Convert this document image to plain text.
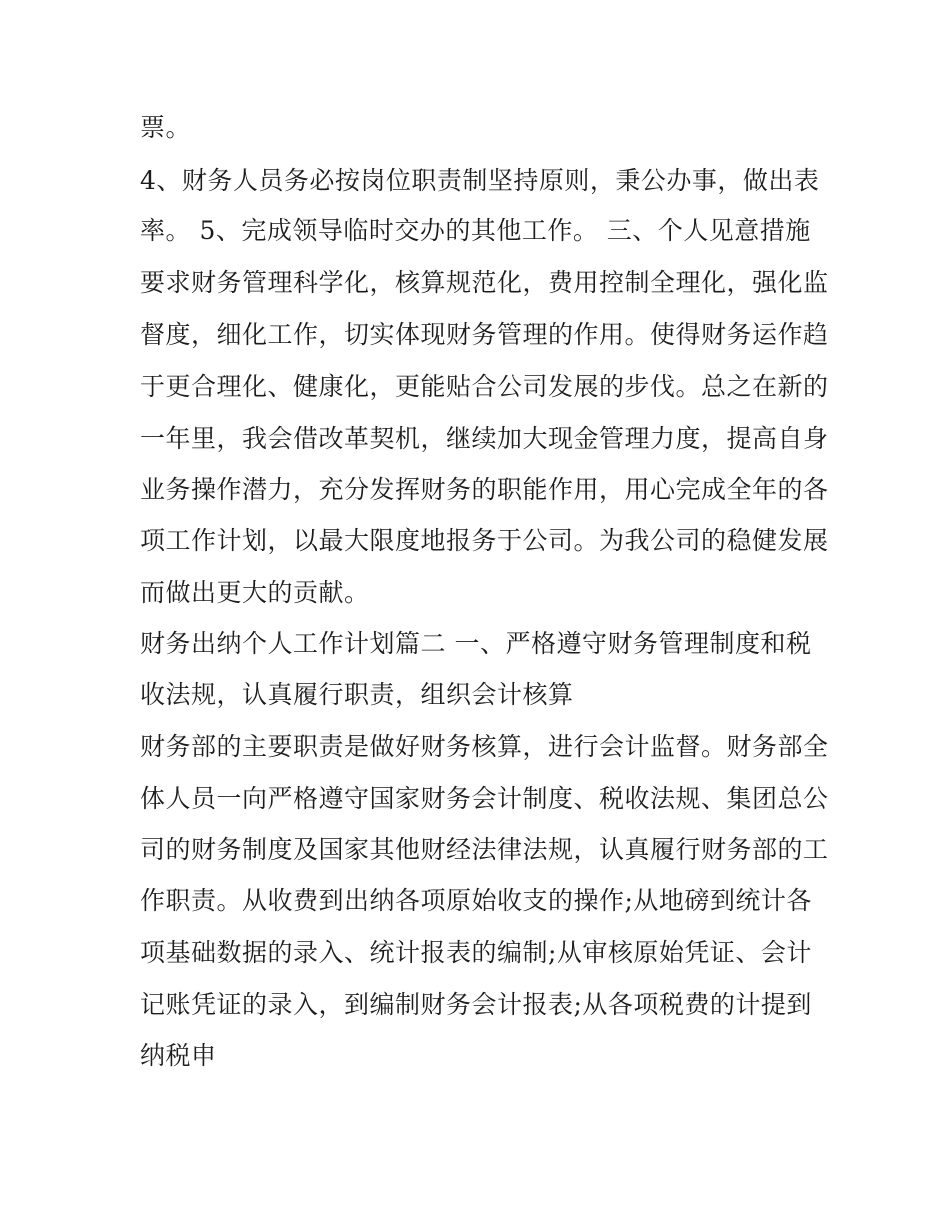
票。

4、财务人员务必按岗位职责制坚持原则，秉公办事，做出表

率。 5、完成领导临时交办的其他工作。 三、个人见意措施

要求财务管理科学化，核算规范化，费用控制全理化，强化监

督度，细化工作，切实体现财务管理的作用。使得财务运作趋

于更合理化、健康化，更能贴合公司发展的步伐。总之在新的

一年里，我会借改革契机，继续加大现金管理力度，提高自身

业务操作潜力，充分发挥财务的职能作用，用心完成全年的各

项工作计划，以最大限度地报务于公司。为我公司的稳健发展

而做出更大的贡献。

财务出纳个人工作计划篇二 一、严格遵守财务管理制度和税

收法规，认真履行职责，组织会计核算

财务部的主要职责是做好财务核算，进行会计监督。财务部全

体人员一向严格遵守国家财务会计制度、税收法规、集团总公

司的财务制度及国家其他财经法律法规，认真履行财务部的工

作职责。从收费到出纳各项原始收支的操作;从地磅到统计各

项基础数据的录入、统计报表的编制;从审核原始凭证、会计

记账凭证的录入，到编制财务会计报表;从各项税费的计提到

纳税申
